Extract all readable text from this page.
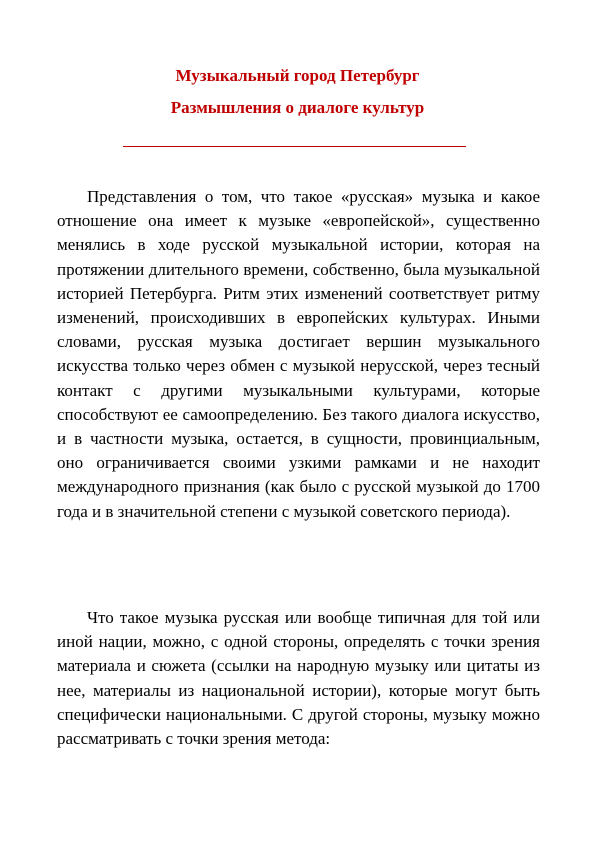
Музыкальный город Петербург
Размышления о диалоге культур

Представления о том, что такое «русская» музыка и какое отношение она имеет к музыке «европейской», существенно менялись в ходе русской музыкальной истории, которая на протяжении длительного времени, собственно, была музыкальной историей Петербурга. Ритм этих изменений соответствует ритму изменений, происходивших в европейских культурах. Иными словами, русская музыка достигает вершин музыкального искусства только через обмен с музыкой нерусской, через тесный контакт с другими музыкальными культурами, которые способствуют ее самоопределению. Без такого диалога искусство, и в частности музыка, остается, в сущности, провинциальным, оно ограничивается своими узкими рамками и не находит международного признания (как было с русской музыкой до 1700 года и в значительной степени с музыкой советского периода).

Что такое музыка русская или вообще типичная для той или иной нации, можно, с одной стороны, определять с точки зрения материала и сюжета (ссылки на народную музыку или цитаты из нее, материалы из национальной истории), которые могут быть специфически национальными. С другой стороны, музыку можно рассматривать с точки зрения метода:
